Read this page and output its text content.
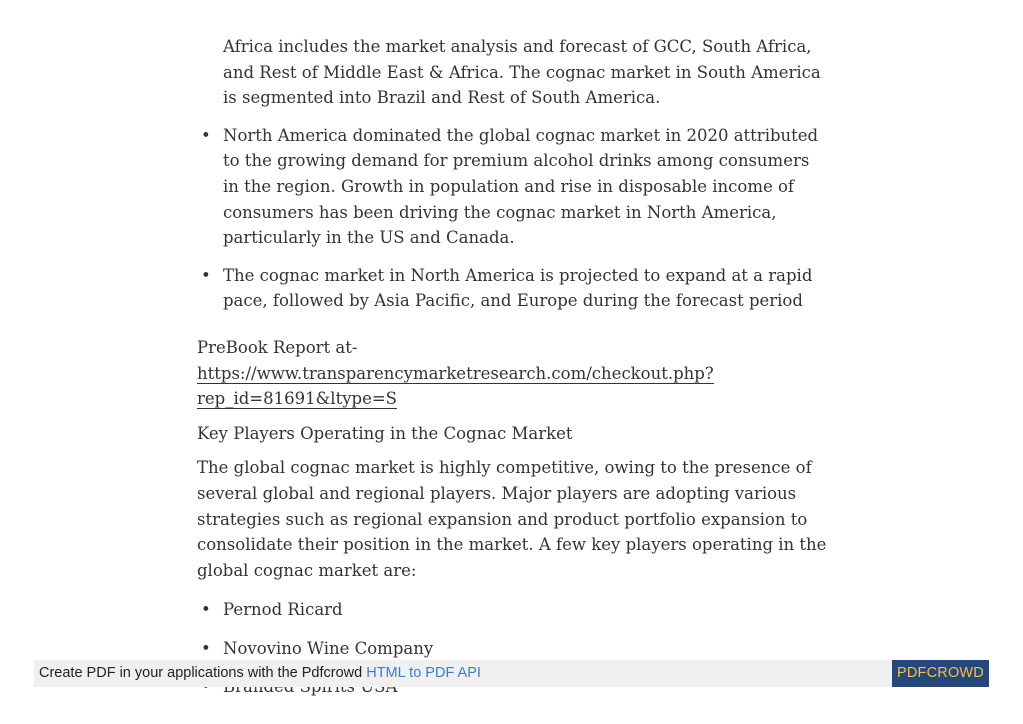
Africa includes the market analysis and forecast of GCC, South Africa, and Rest of Middle East & Africa. The cognac market in South America is segmented into Brazil and Rest of South America.
• North America dominated the global cognac market in 2020 attributed to the growing demand for premium alcohol drinks among consumers in the region. Growth in population and rise in disposable income of consumers has been driving the cognac market in North America, particularly in the US and Canada.
• The cognac market in North America is projected to expand at a rapid pace, followed by Asia Pacific, and Europe during the forecast period

PreBook Report at- https://www.transparencymarketresearch.com/checkout.php?
rep_id=81691&ltype=S

Key Players Operating in the Cognac Market

The global cognac market is highly competitive, owing to the presence of several global and regional players. Major players are adopting various strategies such as regional expansion and product portfolio expansion to consolidate their position in the market. A few key players operating in the global cognac market are:

• Pernod Ricard
• Novovino Wine Company
Create PDF in your applications with the Pdfcrowd HTML to PDF API	PDFCROWD
